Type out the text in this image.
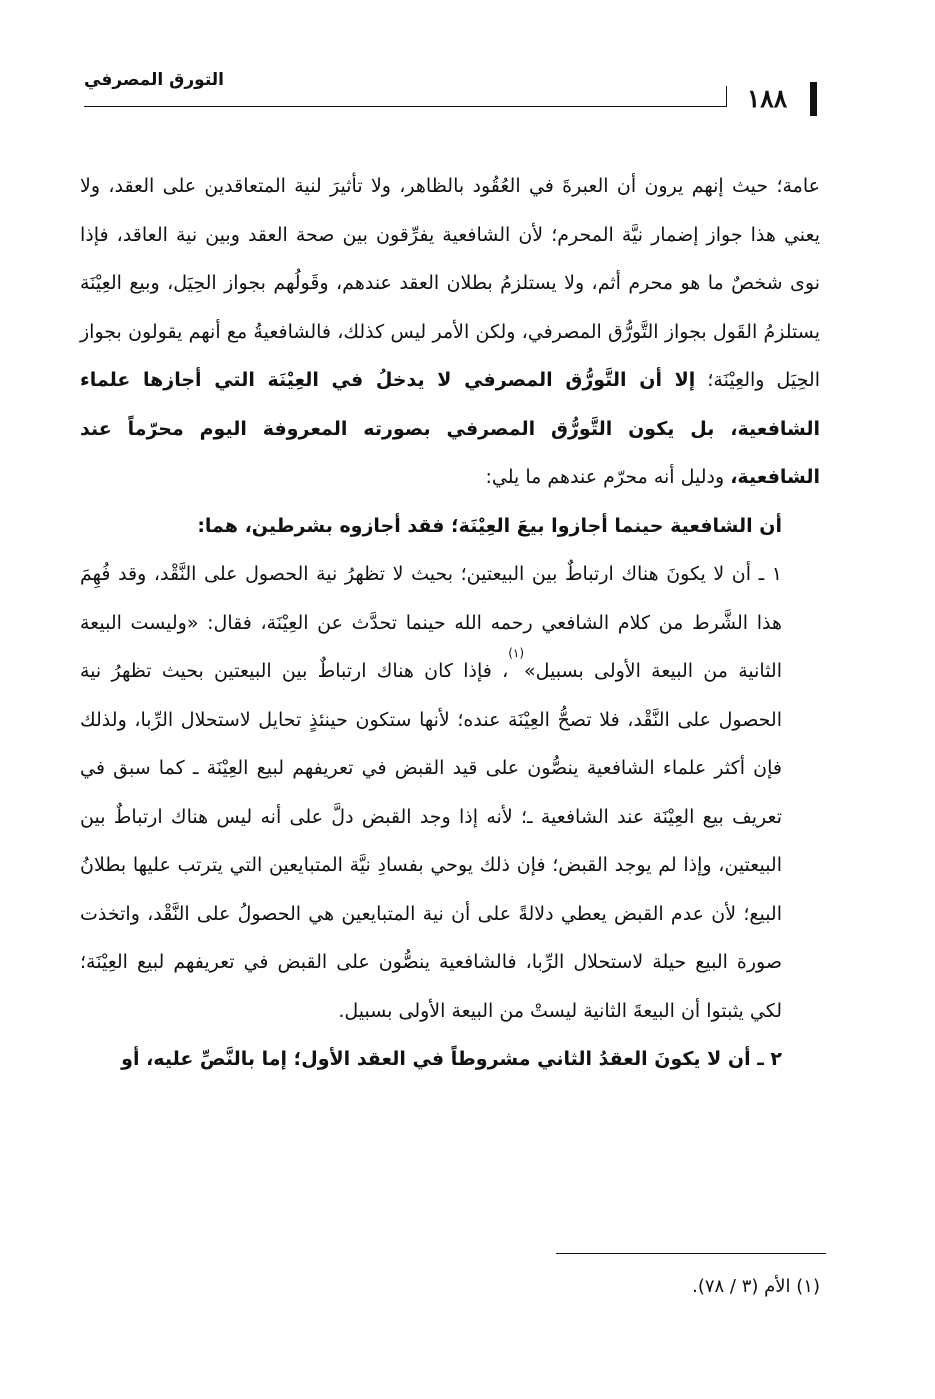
التورق المصرفي
١٨٨

عامة؛ حيث إنهم يرون أن العبرةَ في العُقُود بالظاهر، ولا تأثيرَ لنية المتعاقدين على العقد، ولا يعني هذا جواز إضمار نيَّة المحرم؛ لأن الشافعية يفرِّقون بين صحة العقد وبين نية العاقد، فإذا نوى شخصٌ ما هو محرم أثم، ولا يستلزمُ بطلان العقد عندهم، وقَولُهم بجواز الحِيَل، وبيع العِيْنَة يستلزمُ القَول بجواز التَّورُّق المصرفي، ولكن الأمر ليس كذلك، فالشافعيةُ مع أنهم يقولون بجواز الحِيَل والعِيْنَة؛ إلا أن التَّورُّق المصرفي لا يدخلُ في العِيْنَة التي أجازها علماء الشافعية، بل يكون التَّورُّق المصرفي بصورته المعروفة اليوم محرّماً عند الشافعية، ودليل أنه محرّم عندهم ما يلي:

أن الشافعية حينما أجازوا بيعَ العِيْنَة؛ فقد أجازوه بشرطين، هما:

١ ـ أن لا يكونَ هناك ارتباطٌ بين البيعتين؛ بحيث لا تظهرُ نية الحصول على النَّقْد، وقد فُهِمَ هذا الشَّرط من كلام الشافعي رحمه الله حينما تحدَّث عن العِيْنَة، فقال: «وليست البيعة الثانية من البيعة الأولى بسبيل»$^{(١)}$، فإذا كان هناك ارتباطٌ بين البيعتين بحيث تظهرُ نية الحصول على النَّقْد، فلا تصحُّ العِيْنَة عنده؛ لأنها ستكون حينئذٍ تحايل لاستحلال الرِّبا، ولذلك فإن أكثر علماء الشافعية ينصُّون على قيد القبض في تعريفهم لبيع العِيْنَة ـ كما سبق في تعريف بيع العِيْنَة عند الشافعية ـ؛ لأنه إذا وجد القبض دلَّ على أنه ليس هناك ارتباطٌ بين البيعتين، وإذا لم يوجد القبض؛ فإن ذلك يوحي بفسادِ نيَّة المتبايعين التي يترتب عليها بطلانُ البيع؛ لأن عدم القبض يعطي دلالةً على أن نية المتبايعين هي الحصولُ على النَّقْد، واتخذت صورة البيع حيلة لاستحلال الرِّبا، فالشافعية ينصُّون على القبض في تعريفهم لبيع العِيْنَة؛ لكي يثبتوا أن البيعةَ الثانية ليستْ من البيعة الأولى بسبيل.

٢ ـ أن لا يكونَ العقدُ الثاني مشروطاً في العقد الأول؛ إما بالنَّصِّ عليه، أو

(١) الأم (٣ / ٧٨).
